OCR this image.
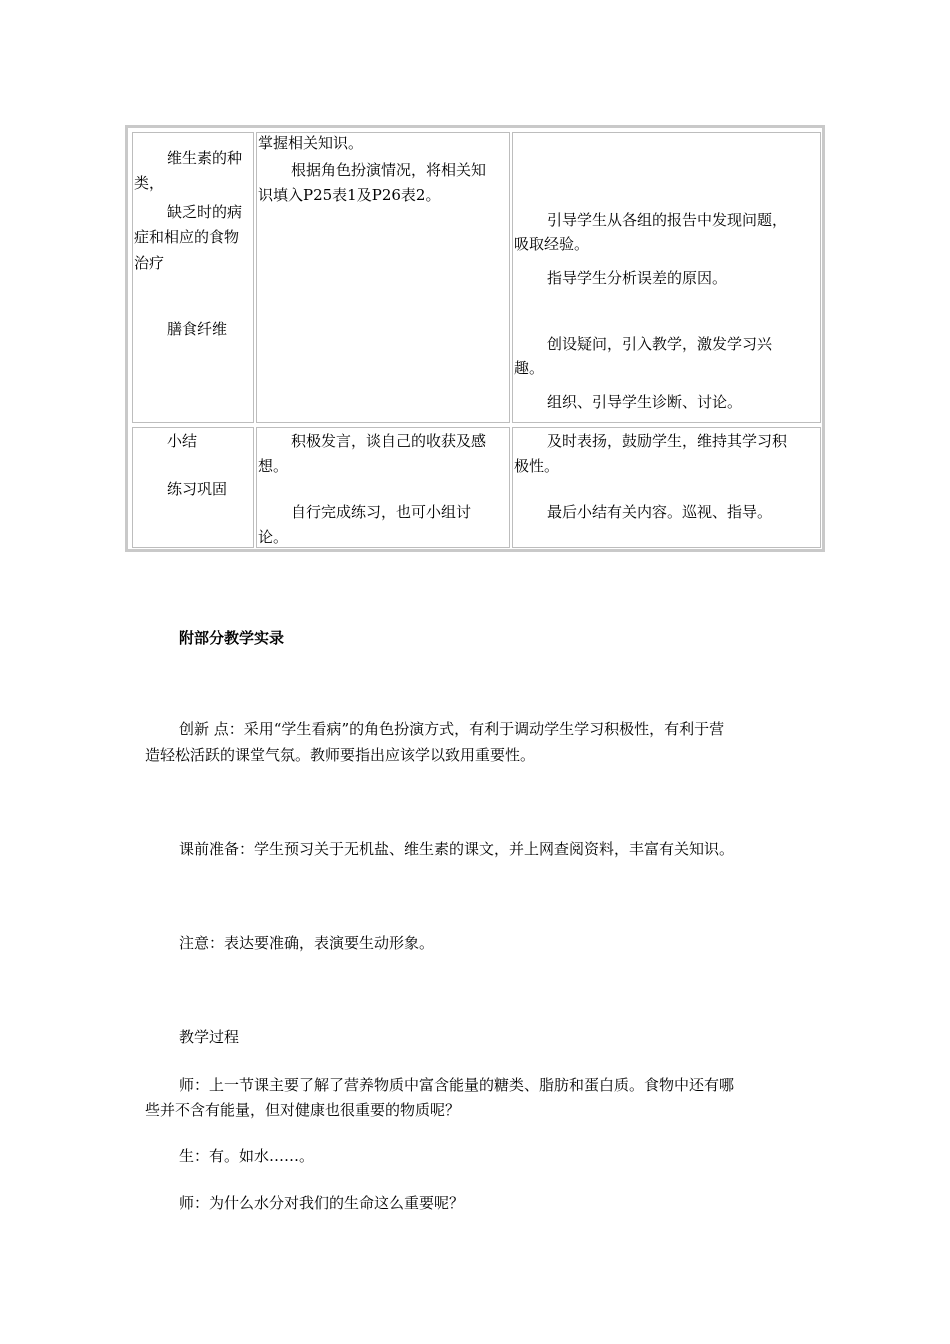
维生素的种

类，

缺乏时的病

症和相应的食物

治疗

膳食纤维

掌握相关知识。

根据角色扮演情况，将相关知

识填入P25表1及P26表2。

引导学生从各组的报告中发现问题，

吸取经验。

指导学生分析误差的原因。

创设疑问，引入教学，激发学习兴

趣。

组织、引导学生诊断、讨论。

小结

练习巩固

积极发言，谈自己的收获及感

想。

自行完成练习，也可小组讨

论。

及时表扬，鼓励学生，维持其学习积

极性。

最后小结有关内容。巡视、指导。

附部分教学实录

创新 点：采用“学生看病”的角色扮演方式，有利于调动学生学习积极性，有利于营

造轻松活跃的课堂气氛。教师要指出应该学以致用重要性。

课前准备：学生预习关于无机盐、维生素的课文，并上网查阅资料，丰富有关知识。

注意：表达要准确，表演要生动形象。

教学过程

师：上一节课主要了解了营养物质中富含能量的糖类、脂肪和蛋白质。食物中还有哪

些并不含有能量，但对健康也很重要的物质呢？

生：有。如水……。

师：为什么水分对我们的生命这么重要呢？
